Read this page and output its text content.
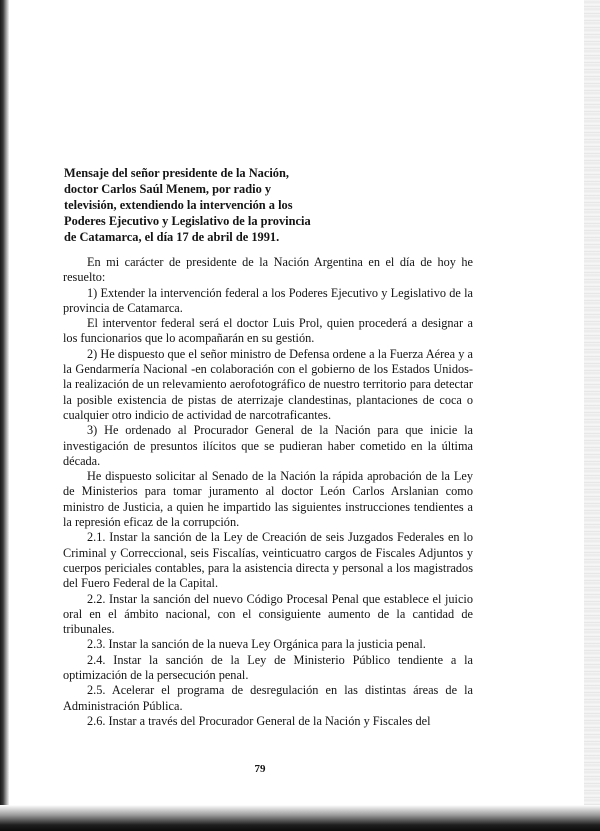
Mensaje del señor presidente de la Nación,
doctor Carlos Saúl Menem, por radio y
televisión, extendiendo la intervención a los
Poderes Ejecutivo y Legislativo de la provincia
de Catamarca, el día 17 de abril de 1991.

En mi carácter de presidente de la Nación Argentina en el día de hoy he resuelto:

1) Extender la intervención federal a los Poderes Ejecutivo y Legislativo de la provincia de Catamarca.

El interventor federal será el doctor Luis Prol, quien procederá a designar a los funcionarios que lo acompañarán en su gestión.

2) He dispuesto que el señor ministro de Defensa ordene a la Fuerza Aérea y a la Gendarmería Nacional -en colaboración con el gobierno de los Estados Unidos- la realización de un relevamiento aerofotográfico de nuestro territorio para detectar la posible existencia de pistas de aterrizaje clandestinas, plantaciones de coca o cualquier otro indicio de actividad de narcotraficantes.

3) He ordenado al Procurador General de la Nación para que inicie la investigación de presuntos ilícitos que se pudieran haber cometido en la última década.

He dispuesto solicitar al Senado de la Nación la rápida aprobación de la Ley de Ministerios para tomar juramento al doctor León Carlos Arslanian como ministro de Justicia, a quien he impartido las siguientes instrucciones tendientes a la represión eficaz de la corrupción.

2.1. Instar la sanción de la Ley de Creación de seis Juzgados Federales en lo Criminal y Correccional, seis Fiscalías, veinticuatro cargos de Fiscales Adjuntos y cuerpos periciales contables, para la asistencia directa y personal a los magistrados del Fuero Federal de la Capital.

2.2. Instar la sanción del nuevo Código Procesal Penal que establece el juicio oral en el ámbito nacional, con el consiguiente aumento de la cantidad de tribunales.

2.3. Instar la sanción de la nueva Ley Orgánica para la justicia penal.

2.4. Instar la sanción de la Ley de Ministerio Público tendiente a la optimización de la persecución penal.

2.5. Acelerar el programa de desregulación en las distintas áreas de la Administración Pública.

2.6. Instar a través del Procurador General de la Nación y Fiscales del

79
